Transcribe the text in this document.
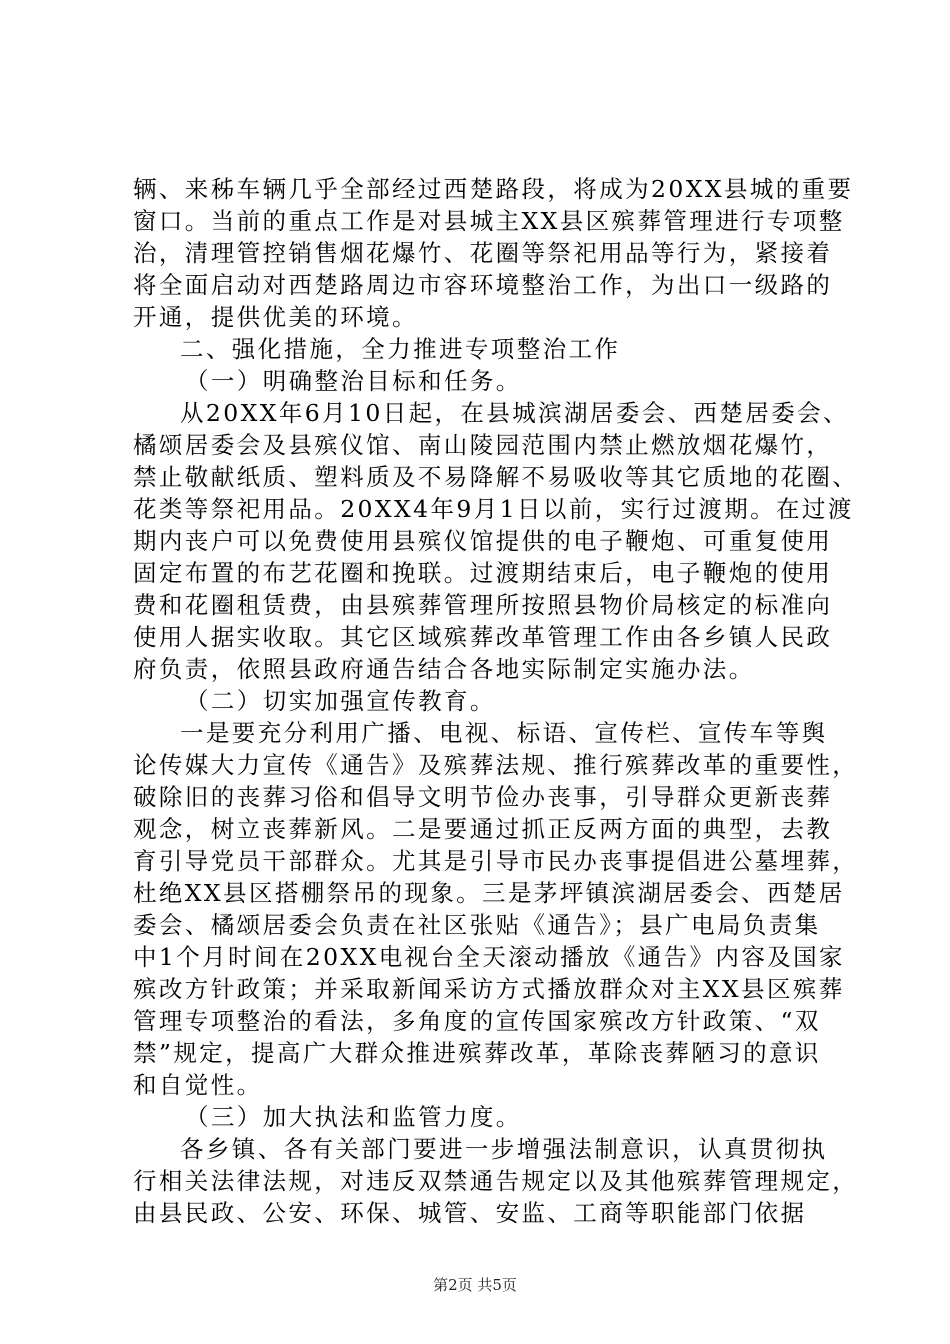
辆、来秭车辆几乎全部经过西楚路段，将成为20XX县城的重要
窗口。当前的重点工作是对县城主XX县区殡葬管理进行专项整
治，清理管控销售烟花爆竹、花圈等祭祀用品等行为，紧接着
将全面启动对西楚路周边市容环境整治工作，为出口一级路的
开通，提供优美的环境。
二、强化措施，全力推进专项整治工作
（一）明确整治目标和任务。
从20XX年6月10日起，在县城滨湖居委会、西楚居委会、
橘颂居委会及县殡仪馆、南山陵园范围内禁止燃放烟花爆竹，
禁止敬献纸质、塑料质及不易降解不易吸收等其它质地的花圈、
花类等祭祀用品。20XX4年9月1日以前，实行过渡期。在过渡
期内丧户可以免费使用县殡仪馆提供的电子鞭炮、可重复使用
固定布置的布艺花圈和挽联。过渡期结束后，电子鞭炮的使用
费和花圈租赁费，由县殡葬管理所按照县物价局核定的标准向
使用人据实收取。其它区域殡葬改革管理工作由各乡镇人民政
府负责，依照县政府通告结合各地实际制定实施办法。
（二）切实加强宣传教育。
一是要充分利用广播、电视、标语、宣传栏、宣传车等舆
论传媒大力宣传《通告》及殡葬法规、推行殡葬改革的重要性，
破除旧的丧葬习俗和倡导文明节俭办丧事，引导群众更新丧葬
观念，树立丧葬新风。二是要通过抓正反两方面的典型，去教
育引导党员干部群众。尤其是引导市民办丧事提倡进公墓埋葬，
杜绝XX县区搭棚祭吊的现象。三是茅坪镇滨湖居委会、西楚居
委会、橘颂居委会负责在社区张贴《通告》；县广电局负责集
中1个月时间在20XX电视台全天滚动播放《通告》内容及国家
殡改方针政策；并采取新闻采访方式播放群众对主XX县区殡葬
管理专项整治的看法，多角度的宣传国家殡改方针政策、“双
禁”规定，提高广大群众推进殡葬改革，革除丧葬陋习的意识
和自觉性。
（三）加大执法和监管力度。
各乡镇、各有关部门要进一步增强法制意识，认真贯彻执
行相关法律法规，对违反双禁通告规定以及其他殡葬管理规定，
由县民政、公安、环保、城管、安监、工商等职能部门依据
第2页 共5页
